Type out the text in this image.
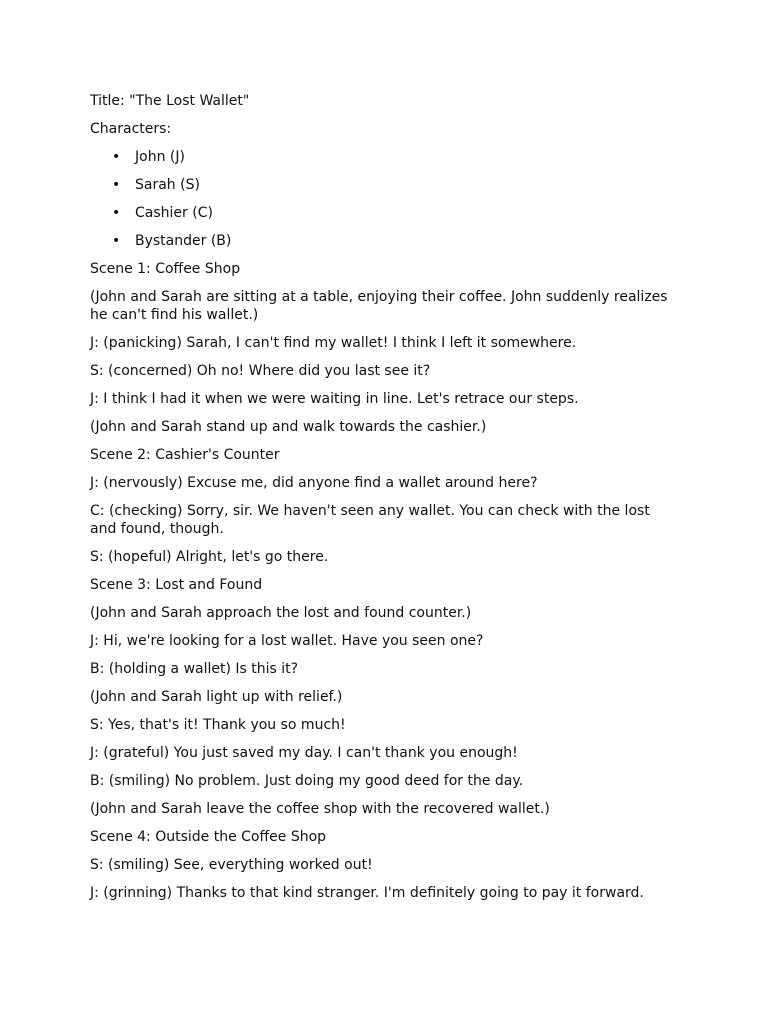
Title: "The Lost Wallet"

Characters:

• John (J)
• Sarah (S)
• Cashier (C)
• Bystander (B)

Scene 1: Coffee Shop

(John and Sarah are sitting at a table, enjoying their coffee. John suddenly realizes he can't find his wallet.)

J: (panicking) Sarah, I can't find my wallet! I think I left it somewhere.

S: (concerned) Oh no! Where did you last see it?

J: I think I had it when we were waiting in line. Let's retrace our steps.

(John and Sarah stand up and walk towards the cashier.)

Scene 2: Cashier's Counter

J: (nervously) Excuse me, did anyone find a wallet around here?

C: (checking) Sorry, sir. We haven't seen any wallet. You can check with the lost and found, though.

S: (hopeful) Alright, let's go there.

Scene 3: Lost and Found

(John and Sarah approach the lost and found counter.)

J: Hi, we're looking for a lost wallet. Have you seen one?

B: (holding a wallet) Is this it?

(John and Sarah light up with relief.)

S: Yes, that's it! Thank you so much!

J: (grateful) You just saved my day. I can't thank you enough!

B: (smiling) No problem. Just doing my good deed for the day.

(John and Sarah leave the coffee shop with the recovered wallet.)

Scene 4: Outside the Coffee Shop

S: (smiling) See, everything worked out!

J: (grinning) Thanks to that kind stranger. I'm definitely going to pay it forward.
